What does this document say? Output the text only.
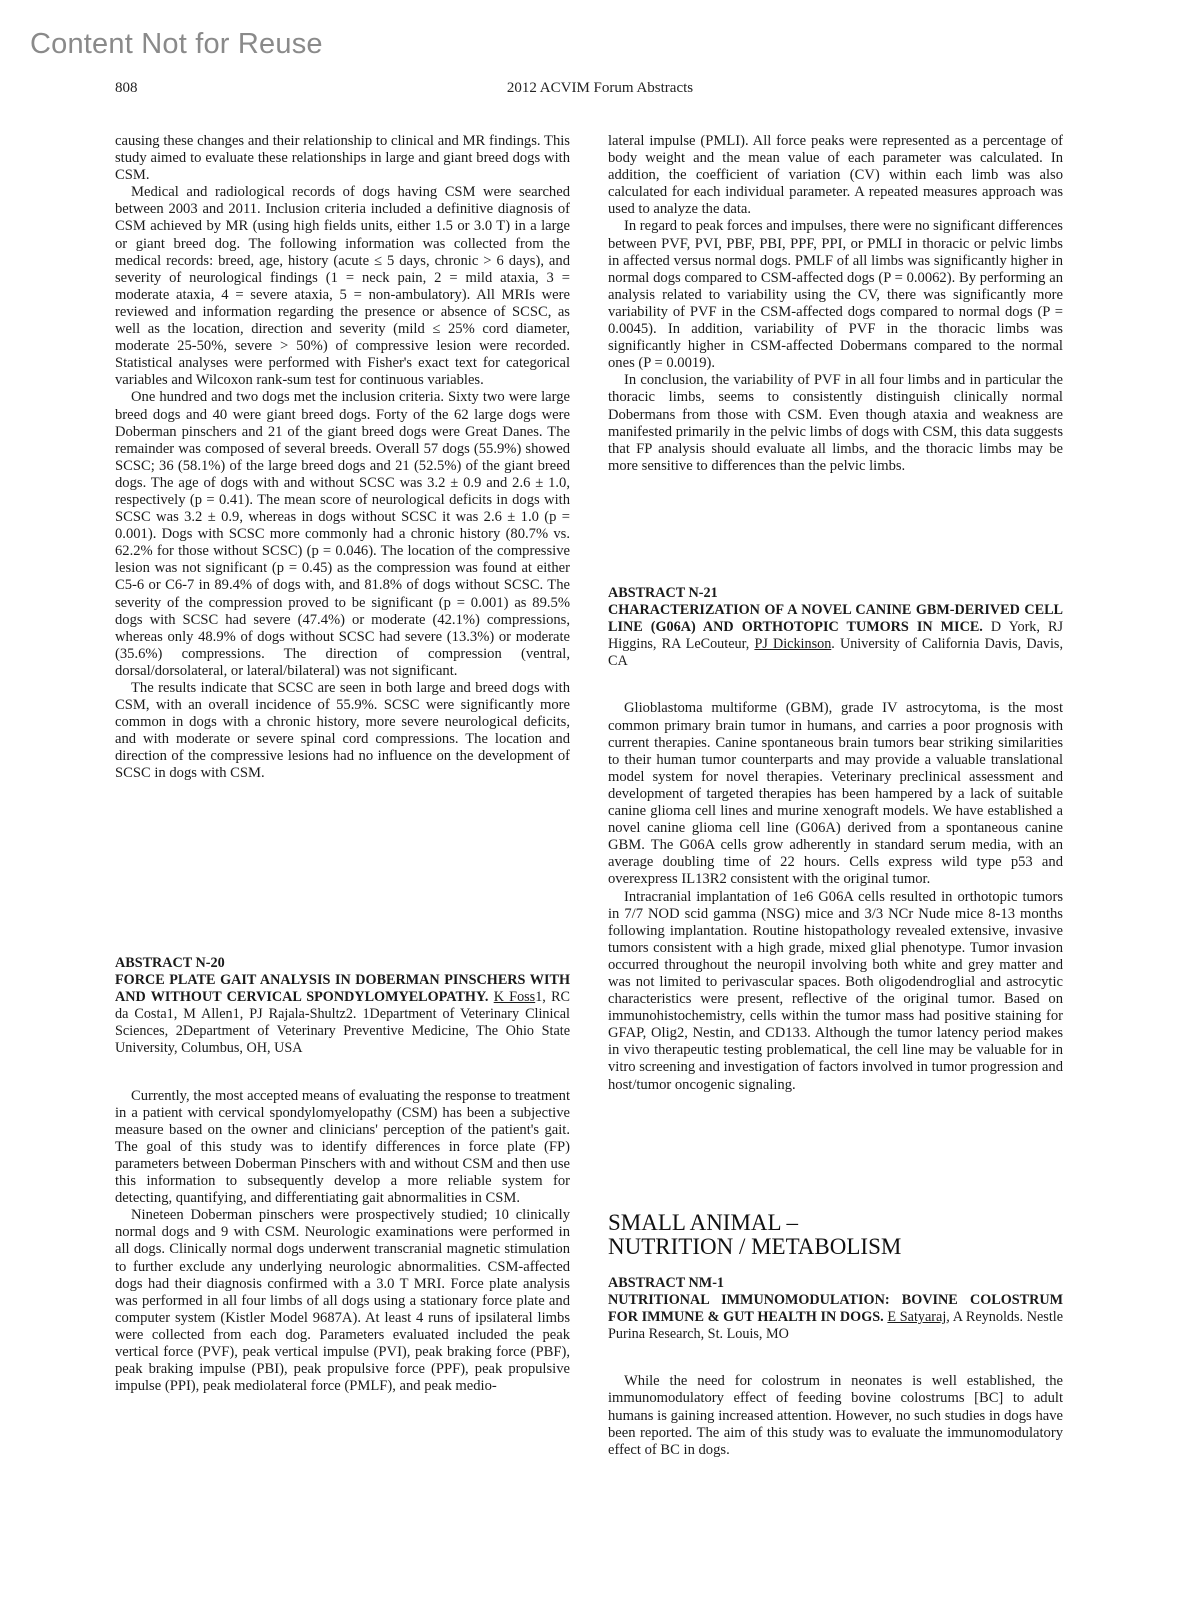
Content Not for Reuse
808	2012 ACVIM Forum Abstracts

causing these changes and their relationship to clinical and MR findings. This study aimed to evaluate these relationships in large and giant breed dogs with CSM.

Medical and radiological records of dogs having CSM were searched between 2003 and 2011. Inclusion criteria included a definitive diagnosis of CSM achieved by MR (using high fields units, either 1.5 or 3.0 T) in a large or giant breed dog. The following information was collected from the medical records: breed, age, history (acute ≤ 5 days, chronic > 6 days), and severity of neurological findings (1 = neck pain, 2 = mild ataxia, 3 = moderate ataxia, 4 = severe ataxia, 5 = non-ambulatory). All MRIs were reviewed and information regarding the presence or absence of SCSC, as well as the location, direction and severity (mild ≤ 25% cord diameter, moderate 25-50%, severe > 50%) of compressive lesion were recorded. Statistical analyses were performed with Fisher's exact text for categorical variables and Wilcoxon rank-sum test for continuous variables.

One hundred and two dogs met the inclusion criteria. Sixty two were large breed dogs and 40 were giant breed dogs. Forty of the 62 large dogs were Doberman pinschers and 21 of the giant breed dogs were Great Danes. The remainder was composed of several breeds. Overall 57 dogs (55.9%) showed SCSC; 36 (58.1%) of the large breed dogs and 21 (52.5%) of the giant breed dogs. The age of dogs with and without SCSC was 3.2 ± 0.9 and 2.6 ± 1.0, respectively (p = 0.41). The mean score of neurological deficits in dogs with SCSC was 3.2 ± 0.9, whereas in dogs without SCSC it was 2.6 ± 1.0 (p = 0.001). Dogs with SCSC more commonly had a chronic history (80.7% vs. 62.2% for those without SCSC) (p = 0.046). The location of the compressive lesion was not significant (p = 0.45) as the compression was found at either C5-6 or C6-7 in 89.4% of dogs with, and 81.8% of dogs without SCSC. The severity of the compression proved to be significant (p = 0.001) as 89.5% dogs with SCSC had severe (47.4%) or moderate (42.1%) compressions, whereas only 48.9% of dogs without SCSC had severe (13.3%) or moderate (35.6%) compressions. The direction of compression (ventral, dorsal/dorsolateral, or lateral/bilateral) was not significant.

The results indicate that SCSC are seen in both large and breed dogs with CSM, with an overall incidence of 55.9%. SCSC were significantly more common in dogs with a chronic history, more severe neurological deficits, and with moderate or severe spinal cord compressions. The location and direction of the compressive lesions had no influence on the development of SCSC in dogs with CSM.

ABSTRACT N-20

FORCE PLATE GAIT ANALYSIS IN DOBERMAN PINSCHERS WITH AND WITHOUT CERVICAL SPONDYLOMYELOPATHY. K Foss1, RC da Costa1, M Allen1, PJ Rajala-Shultz2. 1Department of Veterinary Clinical Sciences, 2Department of Veterinary Preventive Medicine, The Ohio State University, Columbus, OH, USA

Currently, the most accepted means of evaluating the response to treatment in a patient with cervical spondylomyelopathy (CSM) has been a subjective measure based on the owner and clinicians' perception of the patient's gait. The goal of this study was to identify differences in force plate (FP) parameters between Doberman Pinschers with and without CSM and then use this information to subsequently develop a more reliable system for detecting, quantifying, and differentiating gait abnormalities in CSM.

Nineteen Doberman pinschers were prospectively studied; 10 clinically normal dogs and 9 with CSM. Neurologic examinations were performed in all dogs. Clinically normal dogs underwent transcranial magnetic stimulation to further exclude any underlying neurologic abnormalities. CSM-affected dogs had their diagnosis confirmed with a 3.0 T MRI. Force plate analysis was performed in all four limbs of all dogs using a stationary force plate and computer system (Kistler Model 9687A). At least 4 runs of ipsilateral limbs were collected from each dog. Parameters evaluated included the peak vertical force (PVF), peak vertical impulse (PVI), peak braking force (PBF), peak braking impulse (PBI), peak propulsive force (PPF), peak propulsive impulse (PPI), peak mediolateral force (PMLF), and peak medio-

lateral impulse (PMLI). All force peaks were represented as a percentage of body weight and the mean value of each parameter was calculated. In addition, the coefficient of variation (CV) within each limb was also calculated for each individual parameter. A repeated measures approach was used to analyze the data.

In regard to peak forces and impulses, there were no significant differences between PVF, PVI, PBF, PBI, PPF, PPI, or PMLI in thoracic or pelvic limbs in affected versus normal dogs. PMLF of all limbs was significantly higher in normal dogs compared to CSM-affected dogs (P = 0.0062). By performing an analysis related to variability using the CV, there was significantly more variability of PVF in the CSM-affected dogs compared to normal dogs (P = 0.0045). In addition, variability of PVF in the thoracic limbs was significantly higher in CSM-affected Dobermans compared to the normal ones (P = 0.0019).

In conclusion, the variability of PVF in all four limbs and in particular the thoracic limbs, seems to consistently distinguish clinically normal Dobermans from those with CSM. Even though ataxia and weakness are manifested primarily in the pelvic limbs of dogs with CSM, this data suggests that FP analysis should evaluate all limbs, and the thoracic limbs may be more sensitive to differences than the pelvic limbs.

ABSTRACT N-21

CHARACTERIZATION OF A NOVEL CANINE GBM-DERIVED CELL LINE (G06A) AND ORTHOTOPIC TUMORS IN MICE. D York, RJ Higgins, RA LeCouteur, PJ Dickinson. University of California Davis, Davis, CA

Glioblastoma multiforme (GBM), grade IV astrocytoma, is the most common primary brain tumor in humans, and carries a poor prognosis with current therapies. Canine spontaneous brain tumors bear striking similarities to their human tumor counterparts and may provide a valuable translational model system for novel therapies. Veterinary preclinical assessment and development of targeted therapies has been hampered by a lack of suitable canine glioma cell lines and murine xenograft models. We have established a novel canine glioma cell line (G06A) derived from a spontaneous canine GBM. The G06A cells grow adherently in standard serum media, with an average doubling time of 22 hours. Cells express wild type p53 and overexpress IL13R2 consistent with the original tumor.

Intracranial implantation of 1e6 G06A cells resulted in orthotopic tumors in 7/7 NOD scid gamma (NSG) mice and 3/3 NCr Nude mice 8-13 months following implantation. Routine histopathology revealed extensive, invasive tumors consistent with a high grade, mixed glial phenotype. Tumor invasion occurred throughout the neuropil involving both white and grey matter and was not limited to perivascular spaces. Both oligodendroglial and astrocytic characteristics were present, reflective of the original tumor. Based on immunohistochemistry, cells within the tumor mass had positive staining for GFAP, Olig2, Nestin, and CD133. Although the tumor latency period makes in vivo therapeutic testing problematical, the cell line may be valuable for in vitro screening and investigation of factors involved in tumor progression and host/tumor oncogenic signaling.

SMALL ANIMAL –
NUTRITION / METABOLISM

ABSTRACT NM-1

NUTRITIONAL IMMUNOMODULATION: BOVINE COLOSTRUM FOR IMMUNE & GUT HEALTH IN DOGS. E Satyaraj, A Reynolds. Nestle Purina Research, St. Louis, MO

While the need for colostrum in neonates is well established, the immunomodulatory effect of feeding bovine colostrums [BC] to adult humans is gaining increased attention. However, no such studies in dogs have been reported. The aim of this study was to evaluate the immunomodulatory effect of BC in dogs.
